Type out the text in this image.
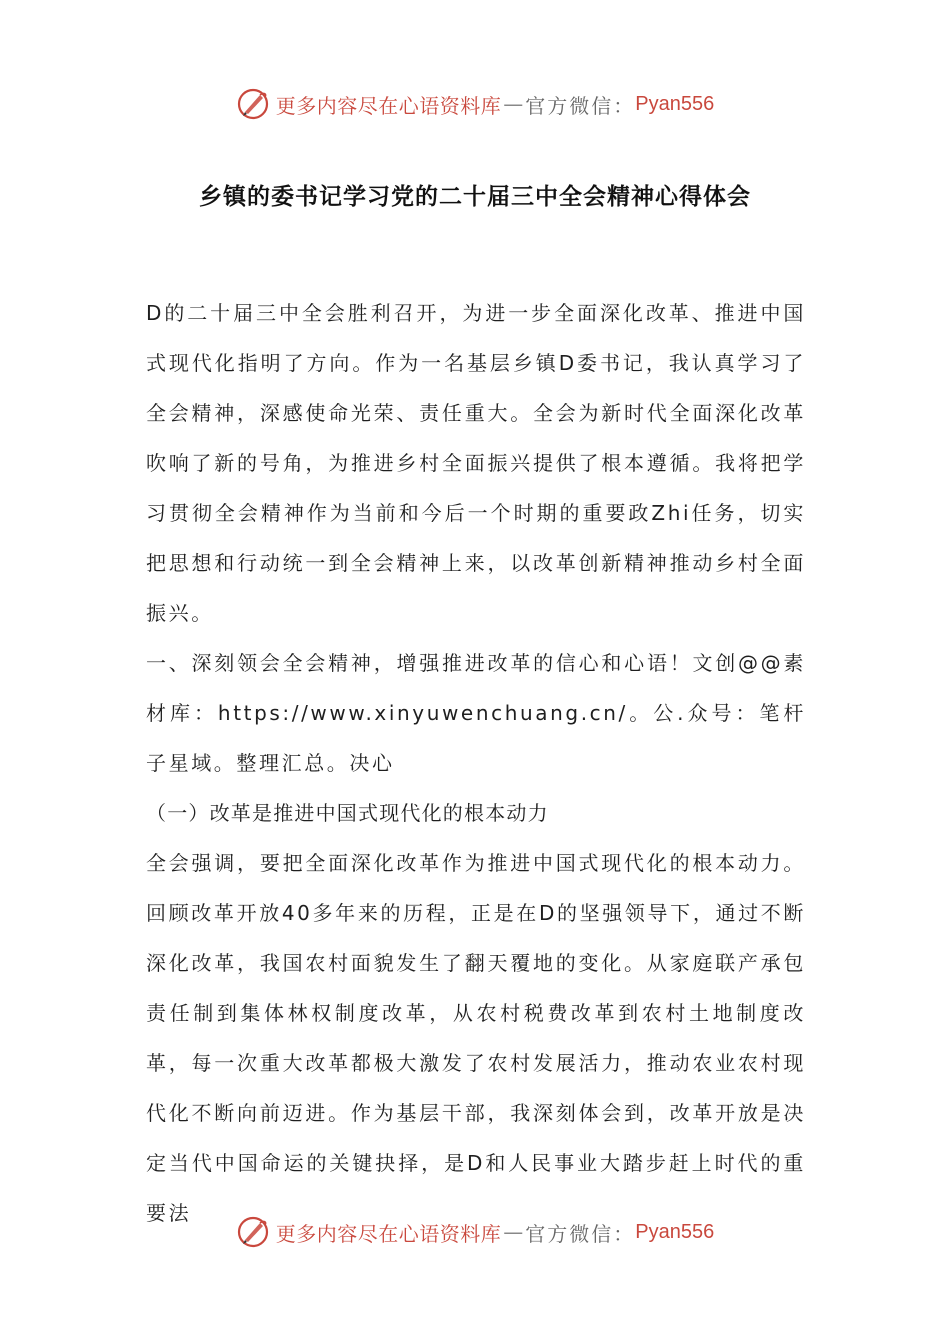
更多内容尽在心语资料库 — 官方微信： Pyan556
乡镇的委书记学习党的二十届三中全会精神心得体会

D的二十届三中全会胜利召开，为进一步全面深化改革、推进中国式现代化指明了方向。作为一名基层乡镇D委书记，我认真学习了全会精神，深感使命光荣、责任重大。全会为新时代全面深化改革吹响了新的号角，为推进乡村全面振兴提供了根本遵循。我将把学习贯彻全会精神作为当前和今后一个时期的重要政Zhi任务，切实把思想和行动统一到全会精神上来，以改革创新精神推动乡村全面振兴。

一、深刻领会全会精神，增强推进改革的信心和心语！文创@@素材库：https://www.xinyuwenchuang.cn/。公.众号：笔杆子星域。整理汇总。决心

（一）改革是推进中国式现代化的根本动力

全会强调，要把全面深化改革作为推进中国式现代化的根本动力。回顾改革开放40多年来的历程，正是在D的坚强领导下，通过不断深化改革，我国农村面貌发生了翻天覆地的变化。从家庭联产承包责任制到集体林权制度改革，从农村税费改革到农村土地制度改革，每一次重大改革都极大激发了农村发展活力，推动农业农村现代化不断向前迈进。作为基层干部，我深刻体会到，改革开放是决定当代中国命运的关键抉择，是D和人民事业大踏步赶上时代的重要法

更多内容尽在心语资料库 — 官方微信： Pyan556
